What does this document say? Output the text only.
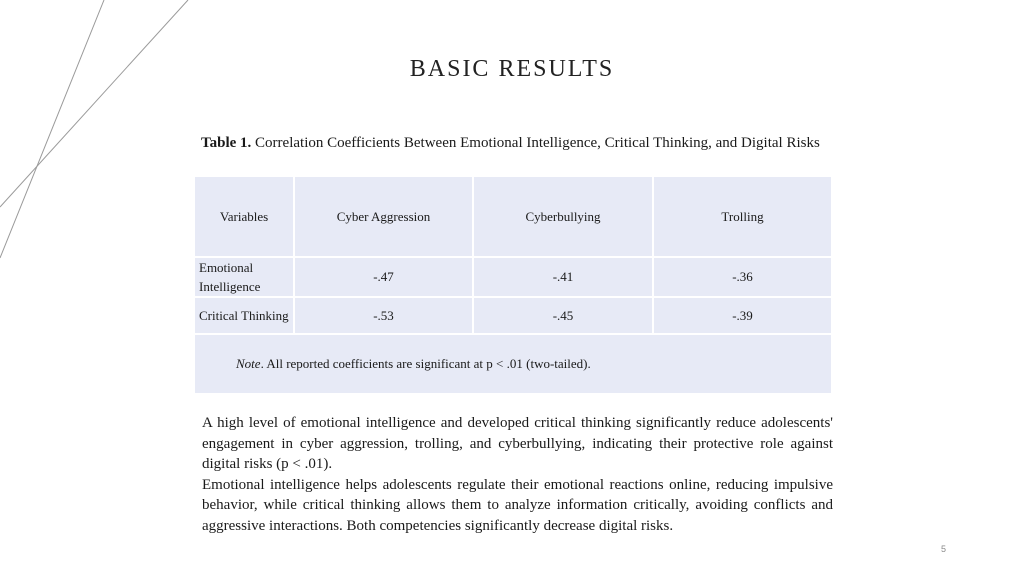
BASIC RESULTS

Table 1. Correlation Coefficients Between Emotional Intelligence, Critical Thinking, and Digital Risks

Variables	Cyber Aggression	Cyberbullying	Trolling
Emotional Intelligence	-.47	-.41	-.36
Critical Thinking	-.53	-.45	-.39
Note. All reported coefficients are significant at p < .01 (two-tailed).			

A high level of emotional intelligence and developed critical thinking significantly reduce adolescents' engagement in cyber aggression, trolling, and cyberbullying, indicating their protective role against digital risks (p < .01).

Emotional intelligence helps adolescents regulate their emotional reactions online, reducing impulsive behavior, while critical thinking allows them to analyze information critically, avoiding conflicts and aggressive interactions. Both competencies significantly decrease digital risks.

5
